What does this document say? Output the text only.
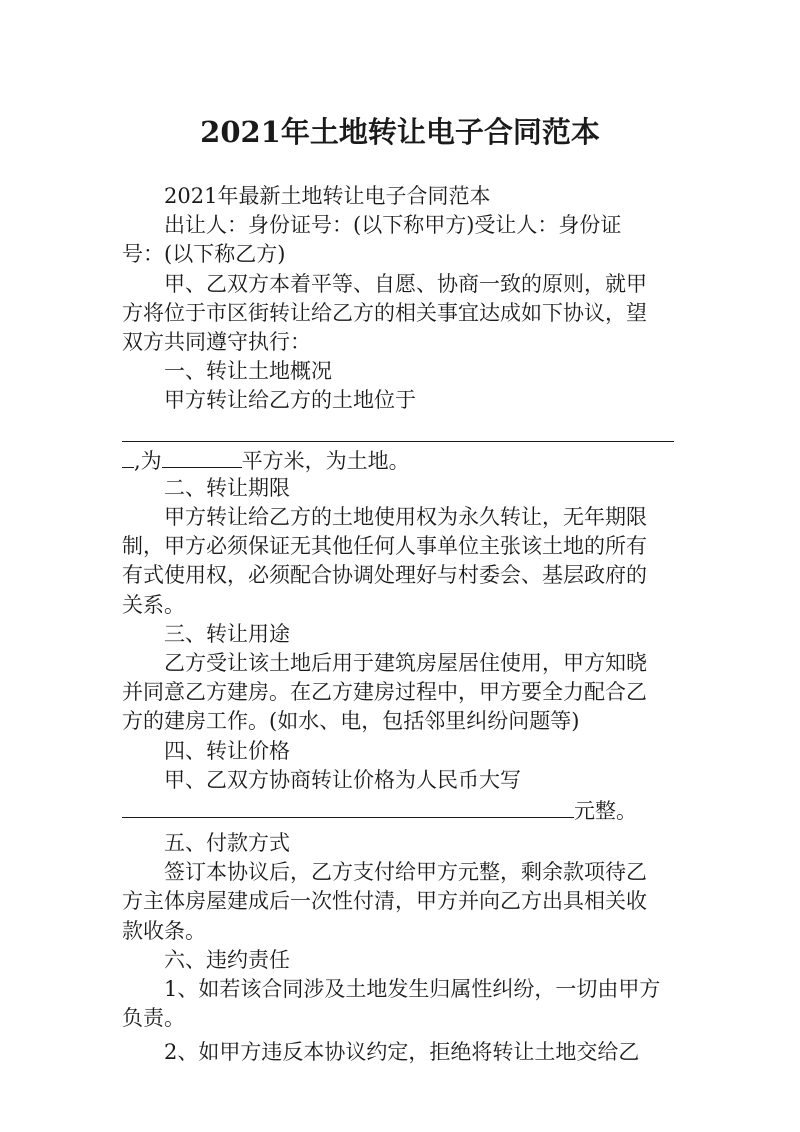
2021年土地转让电子合同范本
2021年最新土地转让电子合同范本
出让人：身份证号：(以下称甲方)受让人：身份证
号：(以下称乙方)
甲、乙双方本着平等、自愿、协商一致的原则，就甲
方将位于市区街转让给乙方的相关事宜达成如下协议，望
双方共同遵守执行：
一、转让土地概况
甲方转让给乙方的土地位于
,为	平方米，为土地。
二、转让期限
甲方转让给乙方的土地使用权为永久转让，无年期限
制，甲方必须保证无其他任何人事单位主张该土地的所有
有式使用权，必须配合协调处理好与村委会、基层政府的
关系。
三、转让用途
乙方受让该土地后用于建筑房屋居住使用，甲方知晓
并同意乙方建房。在乙方建房过程中，甲方要全力配合乙
方的建房工作。(如水、电，包括邻里纠纷问题等)
四、转让价格
甲、乙双方协商转让价格为人民币大写
元整。
五、付款方式
签订本协议后，乙方支付给甲方元整，剩余款项待乙
方主体房屋建成后一次性付清，甲方并向乙方出具相关收
款收条。
六、违约责任
1、如若该合同涉及土地发生归属性纠纷，一切由甲方
负责。
2、如甲方违反本协议约定，拒绝将转让土地交给乙
